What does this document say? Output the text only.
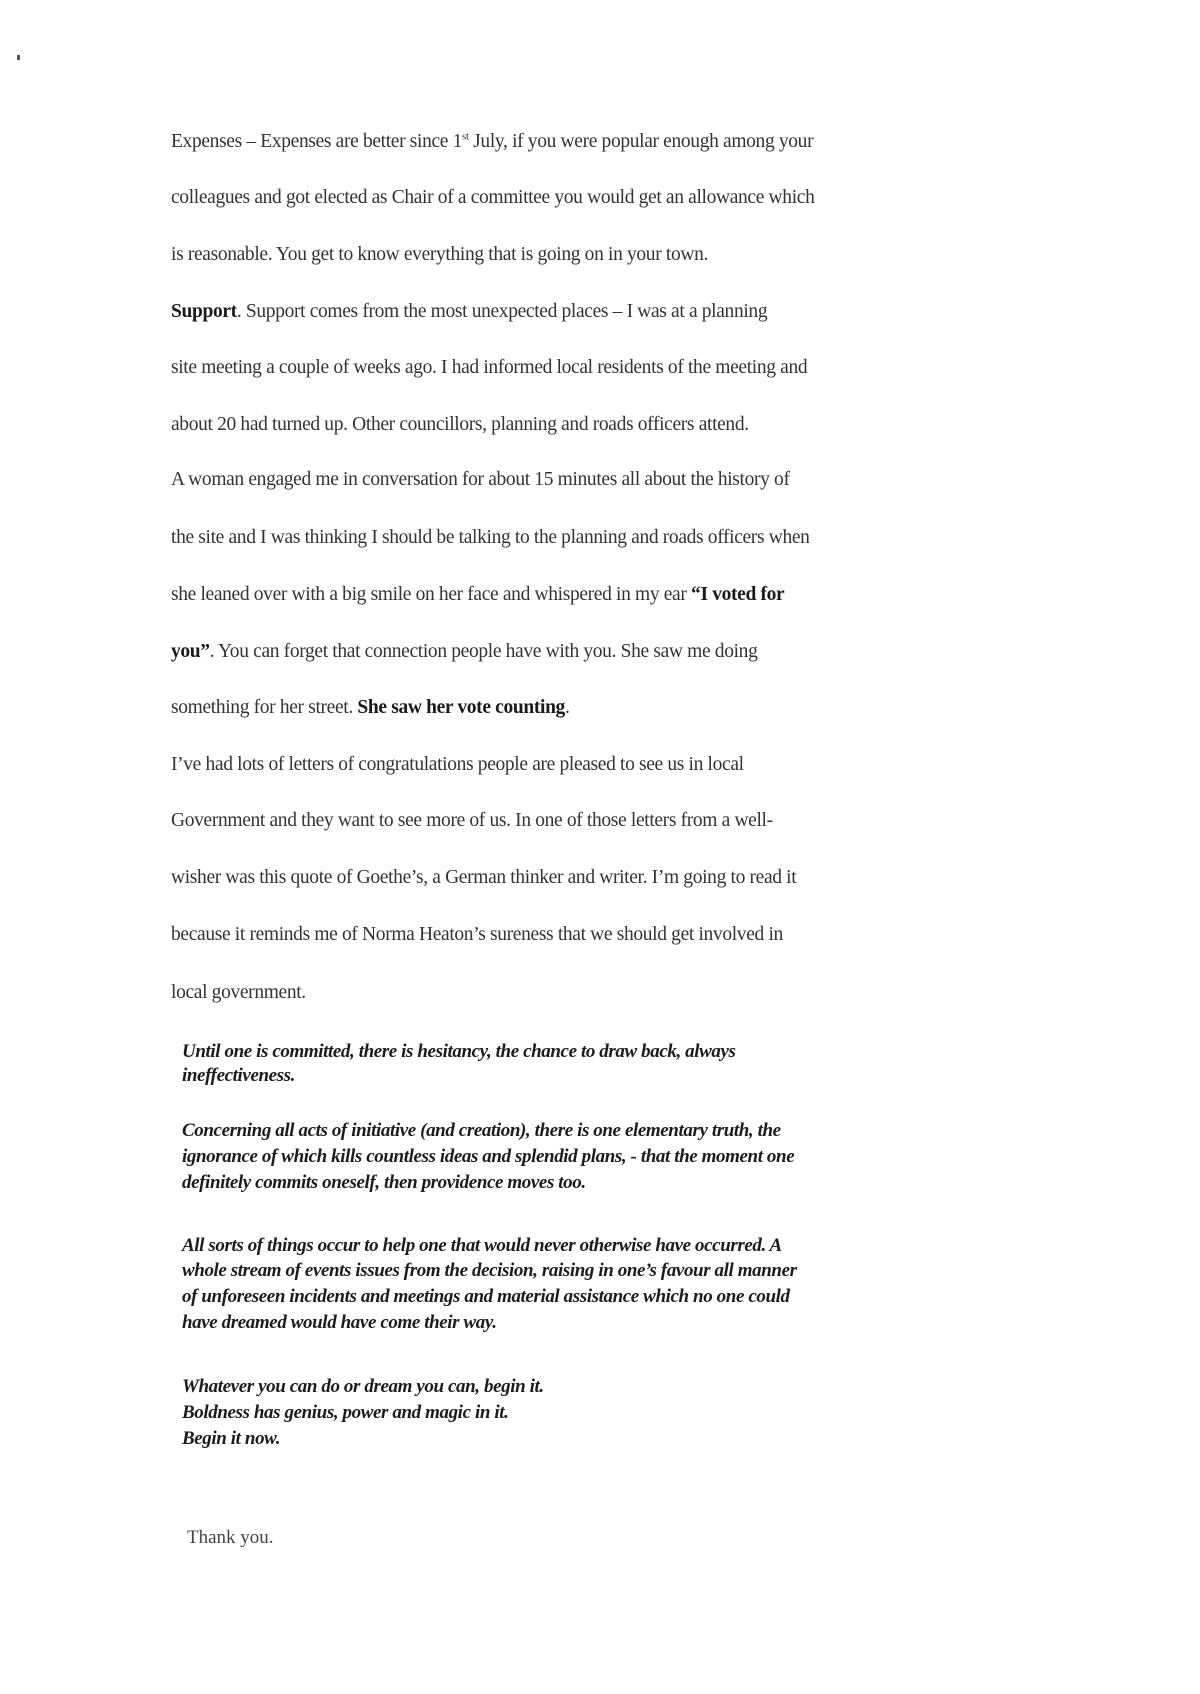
Expenses – Expenses are better since 1st July, if you were popular enough among your
colleagues and got elected as Chair of a committee you would get an allowance which
is reasonable. You get to know everything that is going on in your town.
Support. Support comes from the most unexpected places – I was at a planning
site meeting a couple of weeks ago. I had informed local residents of the meeting and
about 20 had turned up. Other councillors, planning and roads officers attend.
A woman engaged me in conversation for about 15 minutes all about the history of
the site and I was thinking I should be talking to the planning and roads officers when
she leaned over with a big smile on her face and whispered in my ear “I voted for
you”. You can forget that connection people have with you. She saw me doing
something for her street. She saw her vote counting.
I’ve had lots of letters of congratulations people are pleased to see us in local
Government and they want to see more of us. In one of those letters from a well-
wisher was this quote of Goethe’s, a German thinker and writer. I’m going to read it
because it reminds me of Norma Heaton’s sureness that we should get involved in
local government.
Until one is committed, there is hesitancy, the chance to draw back, always
ineffectiveness.
Concerning all acts of initiative (and creation), there is one elementary truth, the
ignorance of which kills countless ideas and splendid plans, - that the moment one
definitely commits oneself, then providence moves too.
All sorts of things occur to help one that would never otherwise have occurred. A
whole stream of events issues from the decision, raising in one’s favour all manner
of unforeseen incidents and meetings and material assistance which no one could
have dreamed would have come their way.
Whatever you can do or dream you can, begin it.
Boldness has genius, power and magic in it.
Begin it now.
Thank you.
